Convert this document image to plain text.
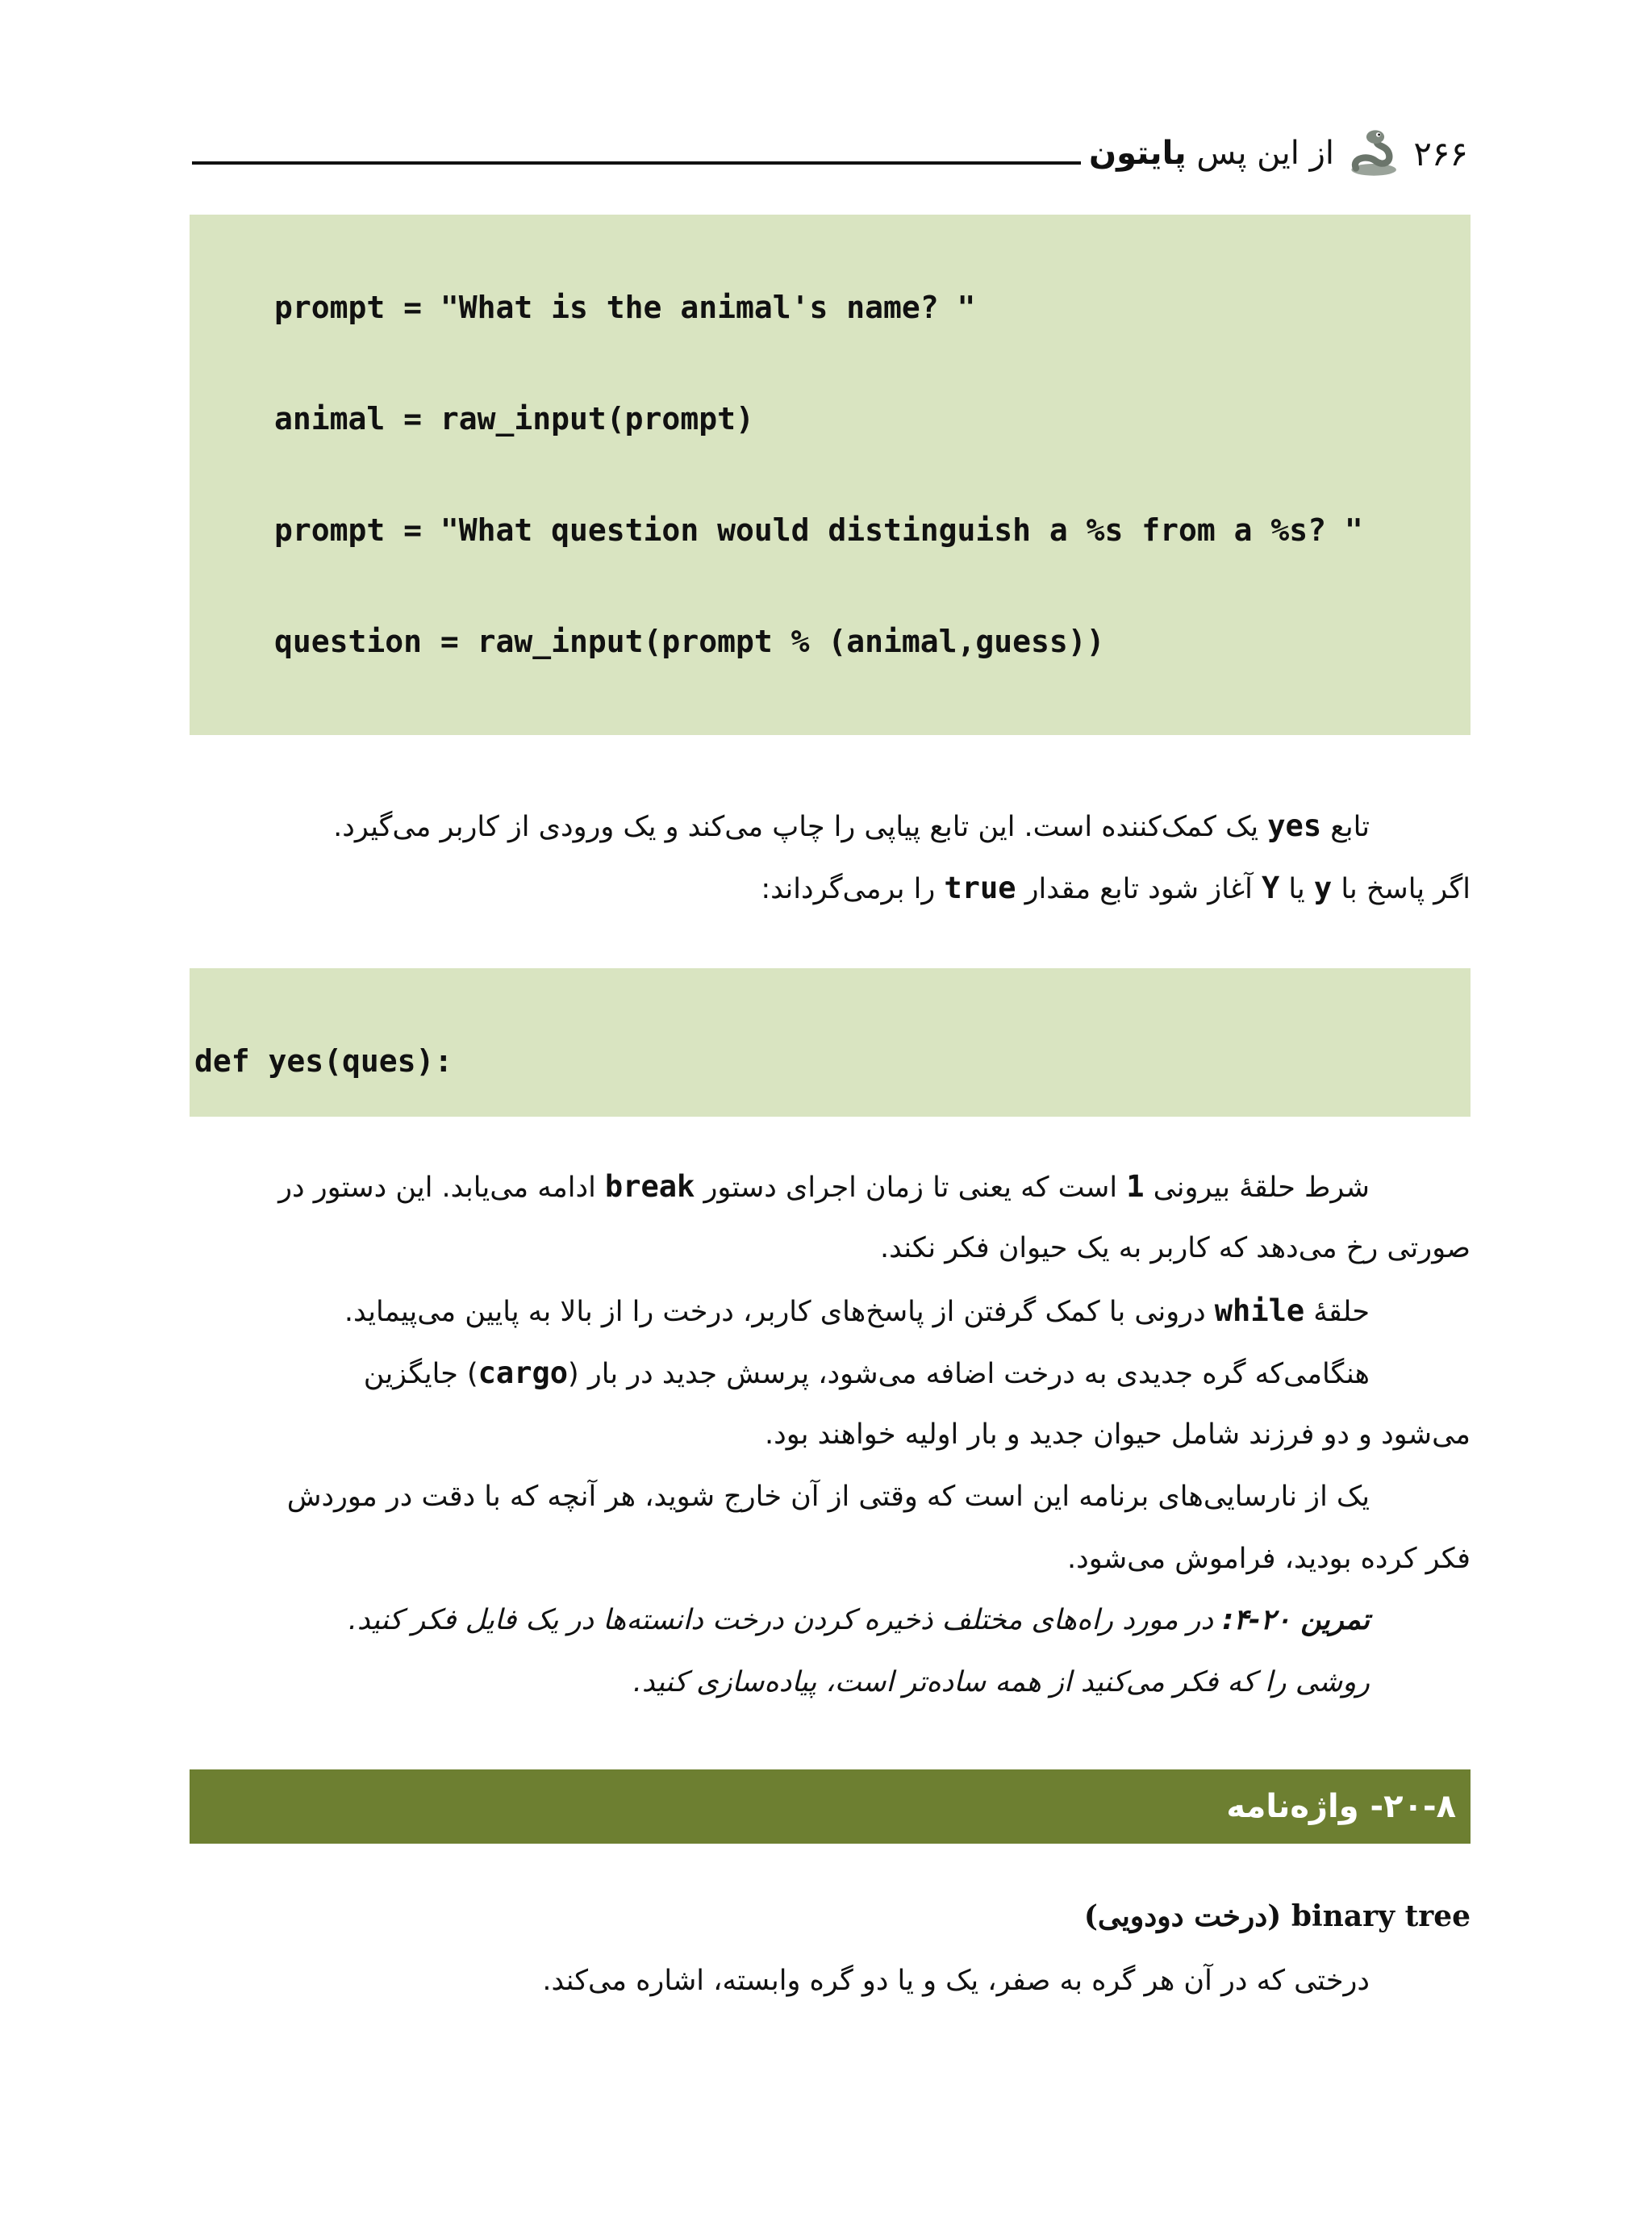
۲۶۶
از این پس پایتون

prompt = "What is the animal's name? "

animal = raw_input(prompt)

prompt = "What question would distinguish a %s from a %s? "

question = raw_input(prompt % (animal,guess))

تابع yes یک کمک‌کننده است. این تابع پیاپی را چاپ می‌کند و یک ورودی از کاربر می‌گیرد.
اگر پاسخ با y یا Y آغاز شود تابع مقدار true را برمی‌گرداند:

def yes(ques):

شرط حلقهٔ بیرونی 1 است که یعنی تا زمان اجرای دستور break ادامه می‌یابد. این دستور در
صورتی رخ می‌دهد که کاربر به یک حیوان فکر نکند.
حلقهٔ while درونی با کمک گرفتن از پاسخ‌های کاربر، درخت را از بالا به پایین می‌پیماید.
هنگامی‌که گره جدیدی به درخت اضافه می‌شود، پرسش جدید در بار (cargo) جایگزین
می‌شود و دو فرزند شامل حیوان جدید و بار اولیه خواهند بود.
یک از نارسایی‌های برنامه این است که وقتی از آن خارج شوید، هر آنچه که با دقت در موردش
فکر کرده بودید، فراموش می‌شود.
تمرین ۲۰-۴: در مورد راه‌های مختلف ذخیره کردن درخت دانسته‌ها در یک فایل فکر کنید.
روشی را که فکر می‌کنید از همه ساده‌تر است، پیاده‌سازی کنید.
۲۰-۸- واژه‌نامه
binary tree (درخت دودویی)
درختی که در آن هر گره به صفر، یک و یا دو گره وابسته، اشاره می‌کند.
